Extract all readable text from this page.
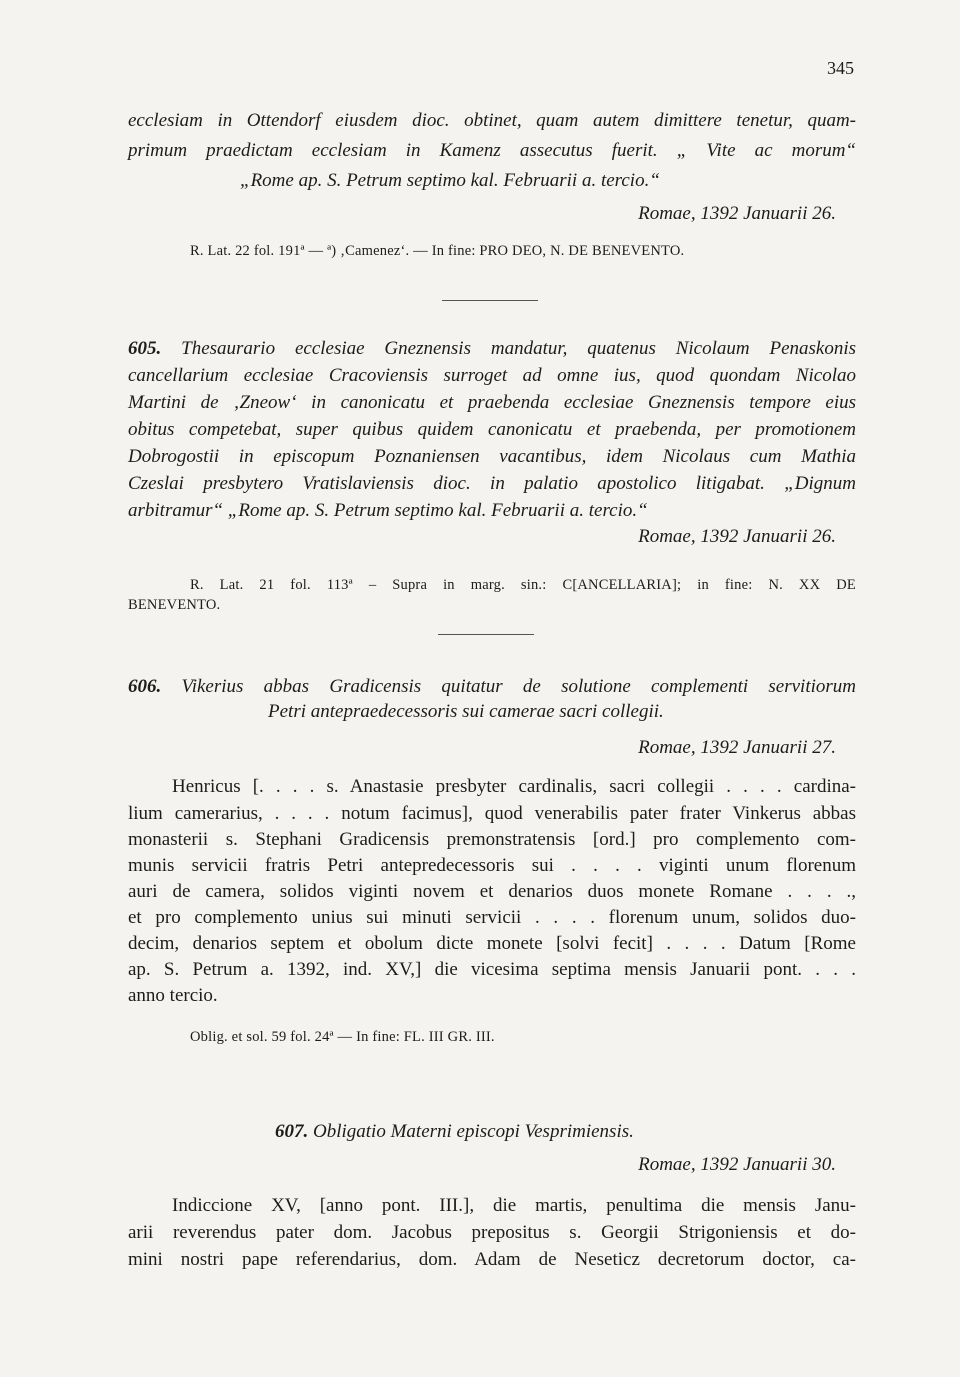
345
ecclesiam in Ottendorf eiusdem dioc. obtinet, quam autem dimittere tenetur, quam-
primum praedictam ecclesiam in Kamenz assecutus fuerit. „ Vite ac morum“
„Rome ap. S. Petrum septimo kal. Februarii a. tercio.“
Romae, 1392 Januarii 26.
R. Lat. 22 fol. 191ª — ª) ‚Camenez‘. — In fine: PRO DEO, N. DE BENEVENTO.
605. Thesaurario ecclesiae Gneznensis mandatur, quatenus Nicolaum Penaskonis
cancellarium ecclesiae Cracoviensis surroget ad omne ius, quod quondam Nicolao
Martini de ‚Zneow‘ in canonicatu et praebenda ecclesiae Gneznensis tempore eius
obitus competebat, super quibus quidem canonicatu et praebenda, per promotionem
Dobrogostii in episcopum Poznaniensen vacantibus, idem Nicolaus cum Mathia
Czeslai presbytero Vratislaviensis dioc. in palatio apostolico litigabat. „Dignum
arbitramur“ „Rome ap. S. Petrum septimo kal. Februarii a. tercio.“
Romae, 1392 Januarii 26.
R. Lat. 21 fol. 113ª – Supra in marg. sin.: C[ANCELLARIA]; in fine: N. XX DE
BENEVENTO.
606. Vikerius abbas Gradicensis quitatur de solutione complementi servitiorum
Petri antepraedecessoris sui camerae sacri collegii.
Romae, 1392 Januarii 27.
Henricus [. . . . s. Anastasie presbyter cardinalis, sacri collegii . . . . cardina-
lium camerarius, . . . . notum facimus], quod venerabilis pater frater Vinkerus abbas
monasterii s. Stephani Gradicensis premonstratensis [ord.] pro complemento com-
munis servicii fratris Petri antepredecessoris sui . . . . viginti unum florenum
auri de camera, solidos viginti novem et denarios duos monete Romane . . . .,
et pro complemento unius sui minuti servicii . . . . florenum unum, solidos duo-
decim, denarios septem et obolum dicte monete [solvi fecit] . . . . Datum [Rome
ap. S. Petrum a. 1392, ind. XV,] die vicesima septima mensis Januarii pont. . . .
anno tercio.
Oblig. et sol. 59 fol. 24ª — In fine: FL. III GR. III.
607. Obligatio Materni episcopi Vesprimiensis.
Romae, 1392 Januarii 30.
Indiccione XV, [anno pont. III.], die martis, penultima die mensis Janu-
arii reverendus pater dom. Jacobus prepositus s. Georgii Strigoniensis et do-
mini nostri pape referendarius, dom. Adam de Neseticz decretorum doctor, ca-
